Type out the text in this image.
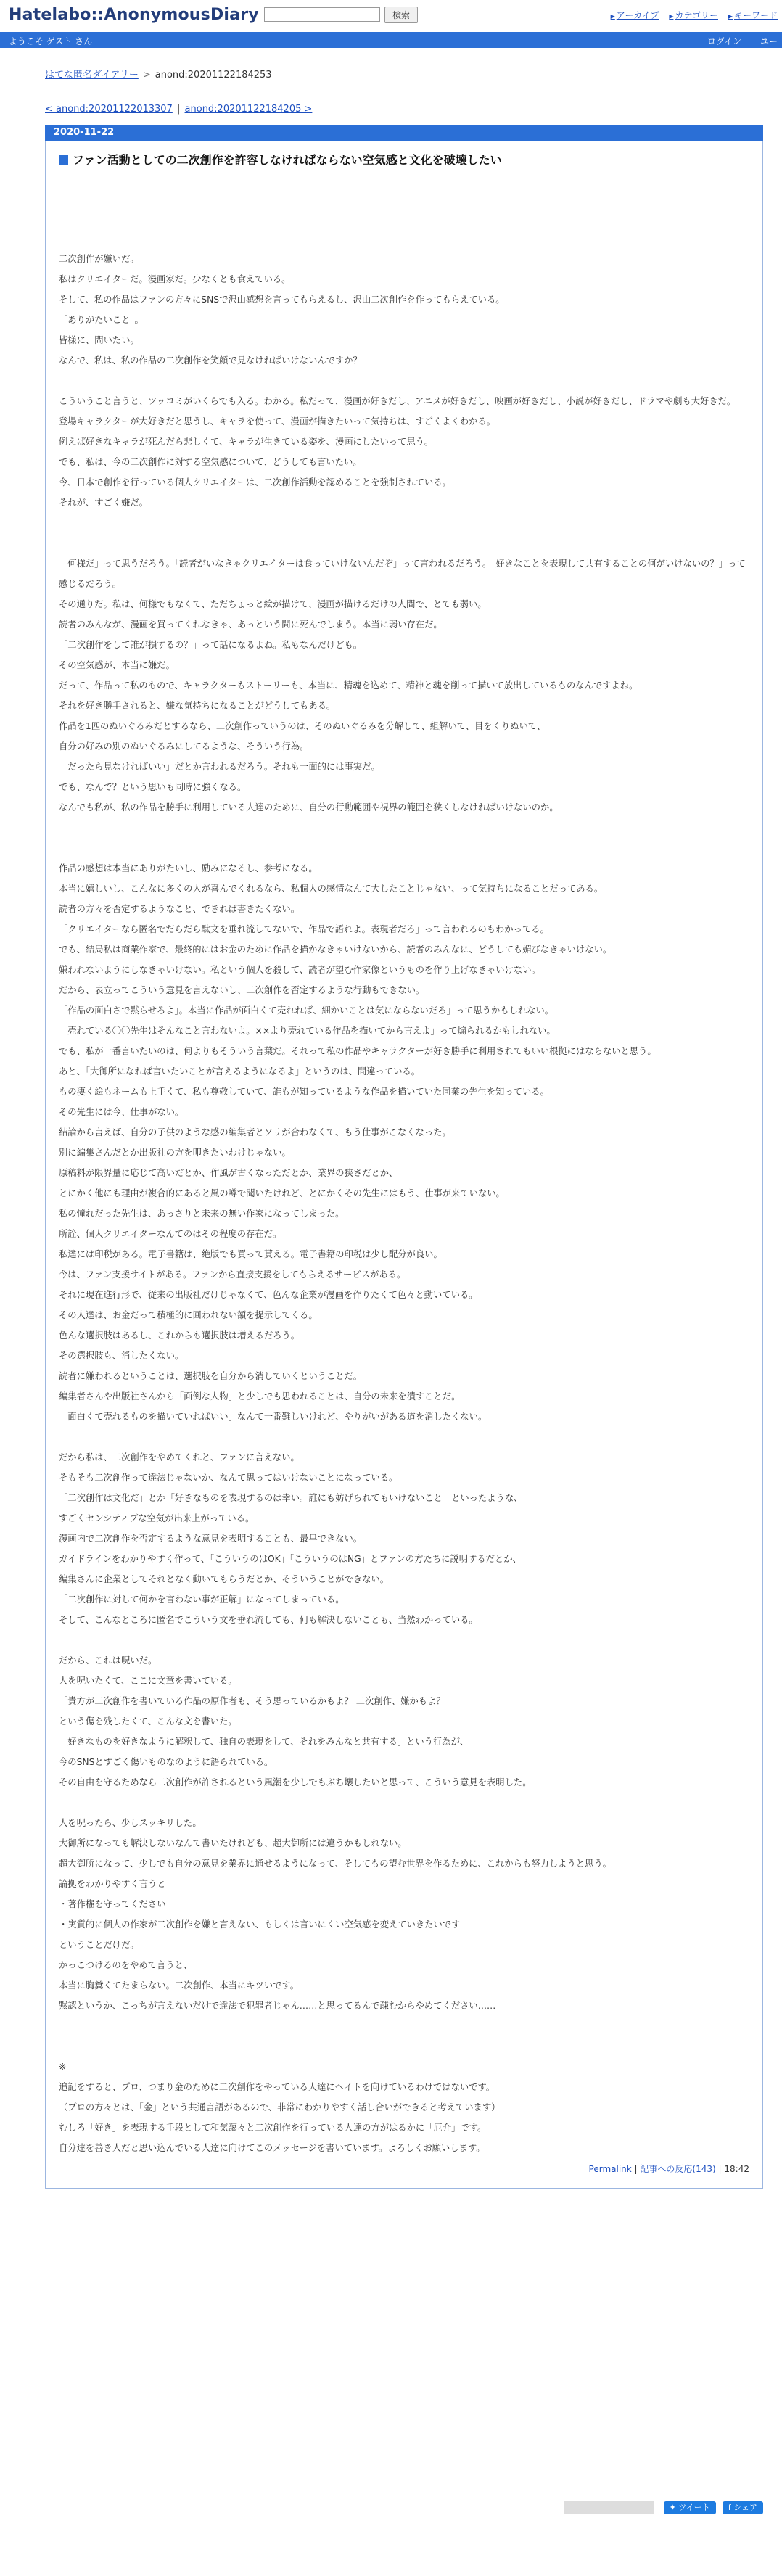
Hatelabo::AnonymousDiary	検索	▶ アーカイブ ▶ カテゴリー ▶ キーワード
ようこそ ゲスト さん	ログイン ユー
はてな匿名ダイアリー > anond:20201122184253
< anond:20201122013307 | anond:20201122184205 >
2020-11-22
ファン活動としての二次創作を許容しなければならない空気感と文化を破壊したい

二次創作が嫌いだ。

私はクリエイターだ。漫画家だ。少なくとも食えている。

そして、私の作品はファンの方々にSNSで沢山感想を言ってもらえるし、沢山二次創作を作ってもらえている。

「ありがたいこと」。

皆様に、問いたい。

なんで、私は、私の作品の二次創作を笑顔で見なければいけないんですか？

こういうこと言うと、ツッコミがいくらでも入る。わかる。私だって、漫画が好きだし、アニメが好きだし、映画が好きだし、小説が好きだし、ドラマや劇も大好きだ。

登場キャラクターが大好きだと思うし、キャラを使って、漫画が描きたいって気持ちは、すごくよくわかる。

例えば好きなキャラが死んだら悲しくて、キャラが生きている姿を、漫画にしたいって思う。

でも、私は、今の二次創作に対する空気感について、どうしても言いたい。

今、日本で創作を行っている個人クリエイターは、二次創作活動を認めることを強制されている。

それが、すごく嫌だ。

「何様だ」って思うだろう。「読者がいなきゃクリエイターは食っていけないんだぞ」って言われるだろう。「好きなことを表現して共有することの何がいけないの？」って

感じるだろう。

その通りだ。私は、何様でもなくて、ただちょっと絵が描けて、漫画が描けるだけの人間で、とても弱い。

読者のみんなが、漫画を買ってくれなきゃ、あっという間に死んでしまう。本当に弱い存在だ。

「二次創作をして誰が損するの？」って話になるよね。私もなんだけども。

その空気感が、本当に嫌だ。

だって、作品って私のもので、キャラクターもストーリーも、本当に、精魂を込めて、精神と魂を削って描いて放出しているものなんですよね。

それを好き勝手されると、嫌な気持ちになることがどうしてもある。

作品を1匹のぬいぐるみだとするなら、二次創作っていうのは、そのぬいぐるみを分解して、組解いて、目をくりぬいて、

自分の好みの別のぬいぐるみにしてるような、そういう行為。

「だったら見なければいい」だとか言われるだろう。それも一面的には事実だ。

でも、なんで？という思いも同時に強くなる。

なんでも私が、私の作品を勝手に利用している人達のために、自分の行動範囲や視界の範囲を狭くしなければいけないのか。

作品の感想は本当にありがたいし、励みになるし、参考になる。

本当に嬉しいし、こんなに多くの人が喜んでくれるなら、私個人の感情なんて大したことじゃない、って気持ちになることだってある。

読者の方々を否定するようなこと、できれば書きたくない。

「クリエイターなら匿名でだらだら駄文を垂れ流してないで、作品で語れよ。表現者だろ」って言われるのもわかってる。

でも、結局私は商業作家で、最終的にはお金のために作品を描かなきゃいけないから、読者のみんなに、どうしても媚びなきゃいけない。

嫌われないようにしなきゃいけない。私という個人を殺して、読者が望む作家像というものを作り上げなきゃいけない。

だから、表立ってこういう意見を言えないし、二次創作を否定するような行動もできない。

「作品の面白さで黙らせろよ」。本当に作品が面白くて売れれば、細かいことは気にならないだろ」って思うかもしれない。

「売れている〇〇先生はそんなこと言わないよ。××より売れている作品を描いてから言えよ」って煽られるかもしれない。

でも、私が一番言いたいのは、何よりもそういう言葉だ。それって私の作品やキャラクターが好き勝手に利用されてもいい根拠にはならないと思う。

あと、「大御所になれば言いたいことが言えるようになるよ」というのは、間違っている。

もの凄く絵もネームも上手くて、私も尊敬していて、誰もが知っているような作品を描いていた同業の先生を知っている。

その先生には今、仕事がない。

結論から言えば、自分の子供のような感の編集者とソリが合わなくて、もう仕事がこなくなった。

別に編集さんだとか出版社の方を叩きたいわけじゃない。

原稿料が限界量に応じて高いだとか、作風が古くなっただとか、業界の狭さだとか、

とにかく他にも理由が複合的にあると風の噂で聞いたけれど、とにかくその先生にはもう、仕事が来ていない。

私の憧れだった先生は、あっさりと未来の無い作家になってしまった。

所詮、個人クリエイターなんてのはその程度の存在だ。

私達には印税がある。電子書籍は、絶版でも買って貰える。電子書籍の印税は少し配分が良い。

今は、ファン支援サイトがある。ファンから直接支援をしてもらえるサービスがある。

それに現在進行形で、従来の出版社だけじゃなくて、色んな企業が漫画を作りたくて色々と動いている。

その人達は、お金だって積極的に回われない額を提示してくる。

色んな選択肢はあるし、これからも選択肢は増えるだろう。

その選択肢も、消したくない。

読者に嫌われるということは、選択肢を自分から消していくということだ。

編集者さんや出版社さんから「面倒な人物」と少しでも思われることは、自分の未来を潰すことだ。

「面白くて売れるものを描いていればいい」なんて一番難しいけれど、やりがいがある道を消したくない。

だから私は、二次創作をやめてくれと、ファンに言えない。

そもそも二次創作って違法じゃないか、なんて思ってはいけないことになっている。

「二次創作は文化だ」とか「好きなものを表現するのは幸い。誰にも妨げられてもいけないこと」といったような、

すごくセンシティブな空気が出来上がっている。

漫画内で二次創作を否定するような意見を表明することも、最早できない。

ガイドラインをわかりやすく作って、「こういうのはOK」「こういうのはNG」とファンの方たちに説明するだとか、

編集さんに企業としてそれとなく動いてもらうだとか、そういうことができない。

「二次創作に対して何かを言わない事が正解」になってしまっている。

そして、こんなところに匿名でこういう文を垂れ流しても、何も解決しないことも、当然わかっている。

だから、これは呪いだ。

人を呪いたくて、ここに文章を書いている。

「貴方が二次創作を書いている作品の原作者も、そう思っているかもよ？ 二次創作、嫌かもよ？」

という傷を残したくて、こんな文を書いた。

「好きなものを好きなように解釈して、独自の表現をして、それをみんなと共有する」という行為が、

今のSNSとすごく傷いものなのように語られている。

その自由を守るためなら二次創作が許されるという風潮を少しでもぶち壊したいと思って、こういう意見を表明した。

人を呪ったら、少しスッキリした。

大御所になっても解決しないなんて書いたけれども、超大御所には違うかもしれない。

超大御所になって、少しでも自分の意見を業界に通せるようになって、そしてもの望む世界を作るために、これからも努力しようと思う。

論拠をわかりやすく言うと

・著作権を守ってください

・実質的に個人の作家が二次創作を嫌と言えない、もしくは言いにくい空気感を変えていきたいです

ということだけだ。

かっこつけるのをやめて言うと、

本当に胸糞くてたまらない。二次創作、本当にキツいです。

黙認というか、こっちが言えないだけで違法で犯罪者じゃん……と思ってるんで疎むからやめてください……

※

追記をすると、プロ、つまり金のために二次創作をやっている人達にヘイトを向けているわけではないです。

（プロの方々とは、「金」という共通言語があるので、非常にわかりやすく話し合いができると考えています）

むしろ「好き」を表現する手段として和気藹々と二次創作を行っている人達の方がはるかに「厄介」です。

自分達を善き人だと思い込んでいる人達に向けてこのメッセージを書いています。よろしくお願いします。

Permalink | 記事への反応(143) | 18:42
✦ ツイート f シェア
